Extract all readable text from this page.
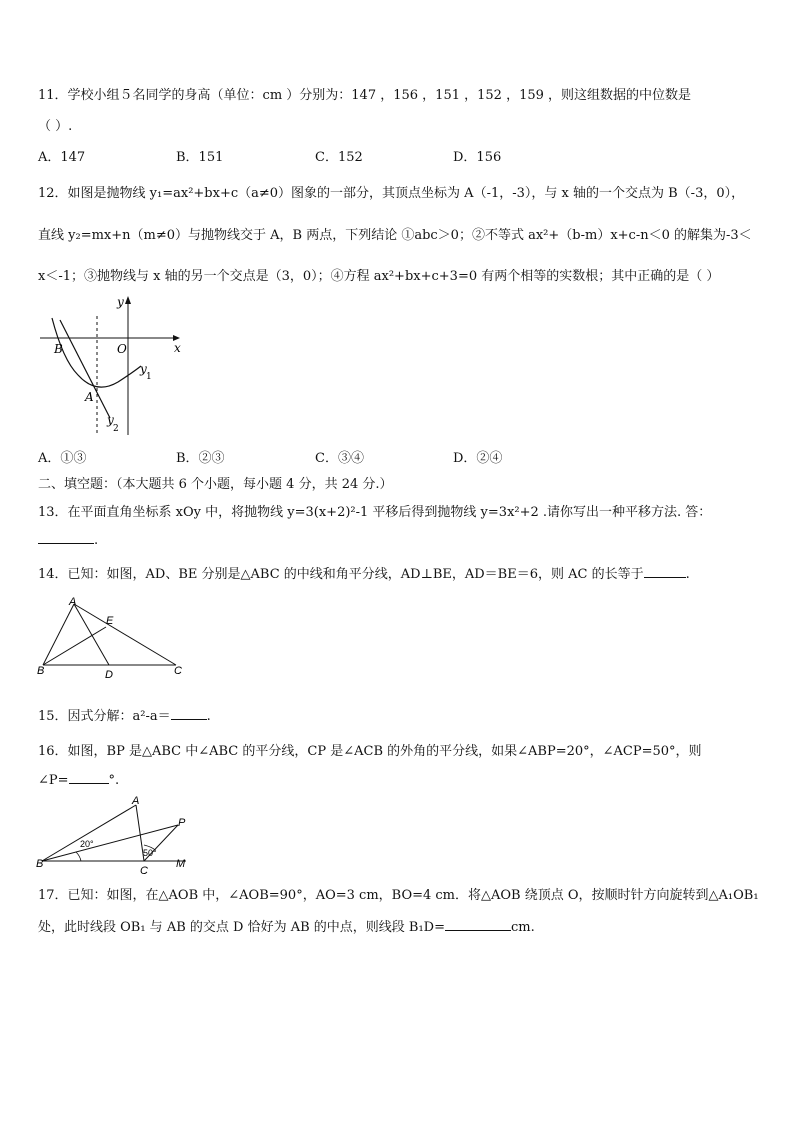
11．学校小组５名同学的身高（单位：cm ）分别为：147 ，156 ，151 ，152 ，159 ，则这组数据的中位数是
（ ）.
A．147	B．151	C．152	D．156
12．如图是抛物线 y₁=ax²+bx+c（a≠0）图象的一部分，其顶点坐标为 A（-1，-3），与 x 轴的一个交点为 B（-3，0），
直线 y₂=mx+n（m≠0）与抛物线交于 A，B 两点，下列结论 ①abc＞0；②不等式 ax²+（b-m）x+c-n＜0 的解集为-3＜
x＜-1；③抛物线与 x 轴的另一个交点是（3，0）；④方程 ax²+bx+c+3=0 有两个相等的实数根；其中正确的是（ ）
B	O	x
y
A
y
1
y
2
A．①③	B．②③	C．③④	D．②④
二、填空题：（本大题共 6 个小题，每小题 4 分，共 24 分.）
13．在平面直角坐标系 xOy 中，将抛物线 y=3(x+2)²-1 平移后得到抛物线 y=3x²+2 .请你写出一种平移方法. 答：
.
14．已知：如图，AD、BE 分别是△ABC 的中线和角平分线，AD⊥BE，AD＝BE＝6，则 AC 的长等于	.
A
E
B	D	C
15．因式分解：a²-a＝	.
16．如图，BP 是△ABC 中∠ABC 的平分线，CP 是∠ACB 的外角的平分线，如果∠ABP=20°，∠ACP=50°，则
∠P=	°.
A
P
B
C
M
20°
50°
17．已知：如图，在△AOB 中，∠AOB=90°，AO=3 cm，BO=4 cm．将△AOB 绕顶点 O，按顺时针方向旋转到△A₁OB₁
处，此时线段 OB₁ 与 AB 的交点 D 恰好为 AB 的中点，则线段 B₁D=	cm.
